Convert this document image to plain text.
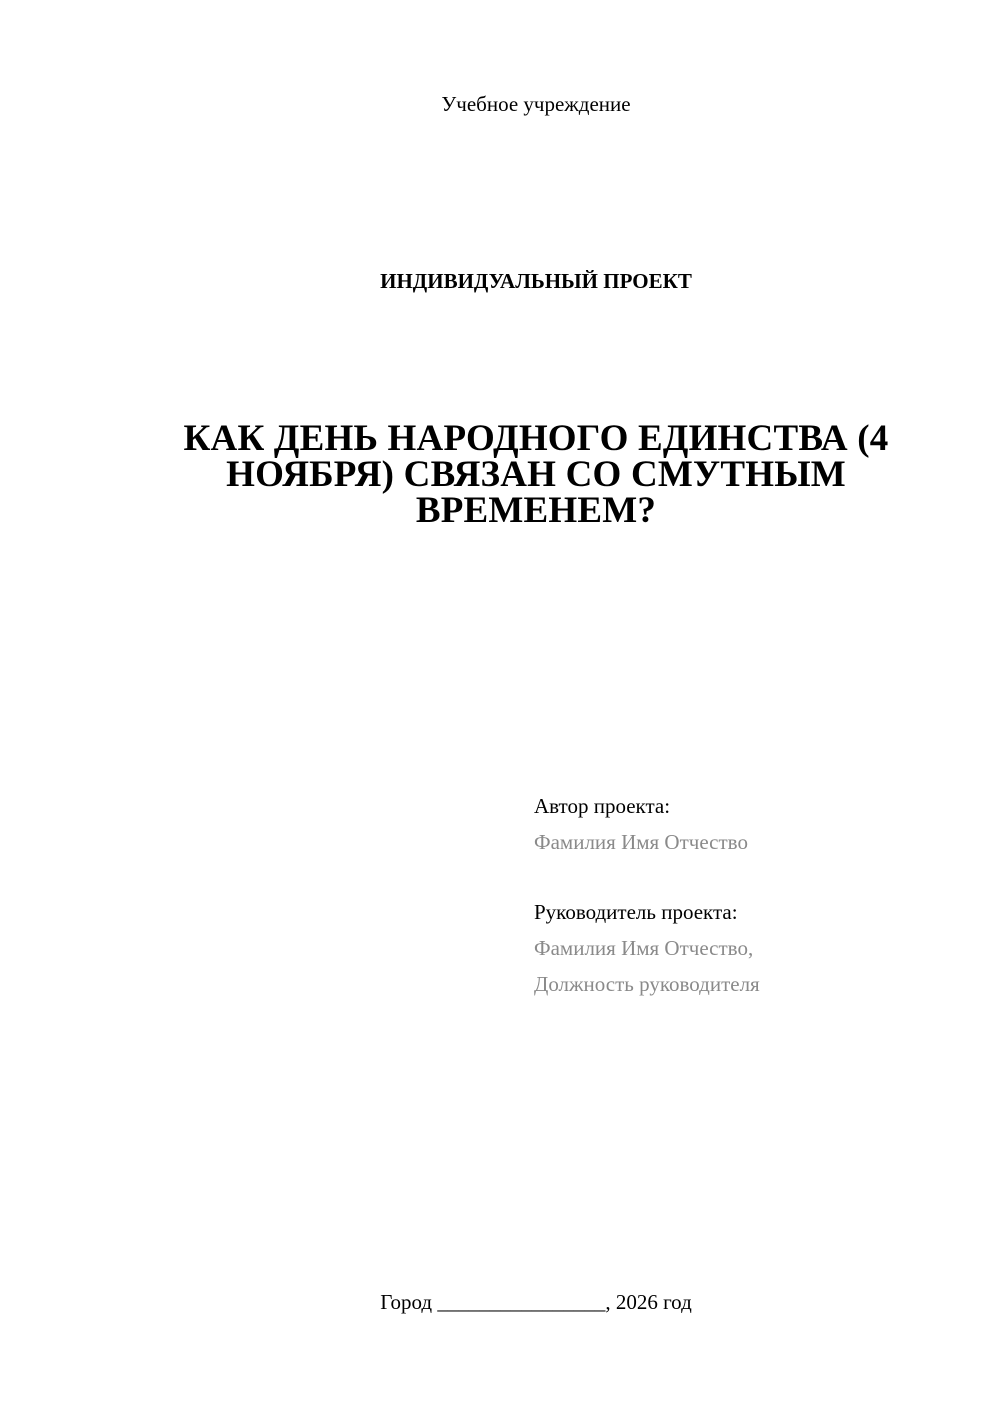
Учебное учреждение
ИНДИВИДУАЛЬНЫЙ ПРОЕКТ
КАК ДЕНЬ НАРОДНОГО ЕДИНСТВА (4
НОЯБРЯ) СВЯЗАН СО СМУТНЫМ
ВРЕМЕНЕМ?
Автор проекта:
Фамилия Имя Отчество
Руководитель проекта:
Фамилия Имя Отчество,
Должность руководителя
Город ________________, 2026 год
